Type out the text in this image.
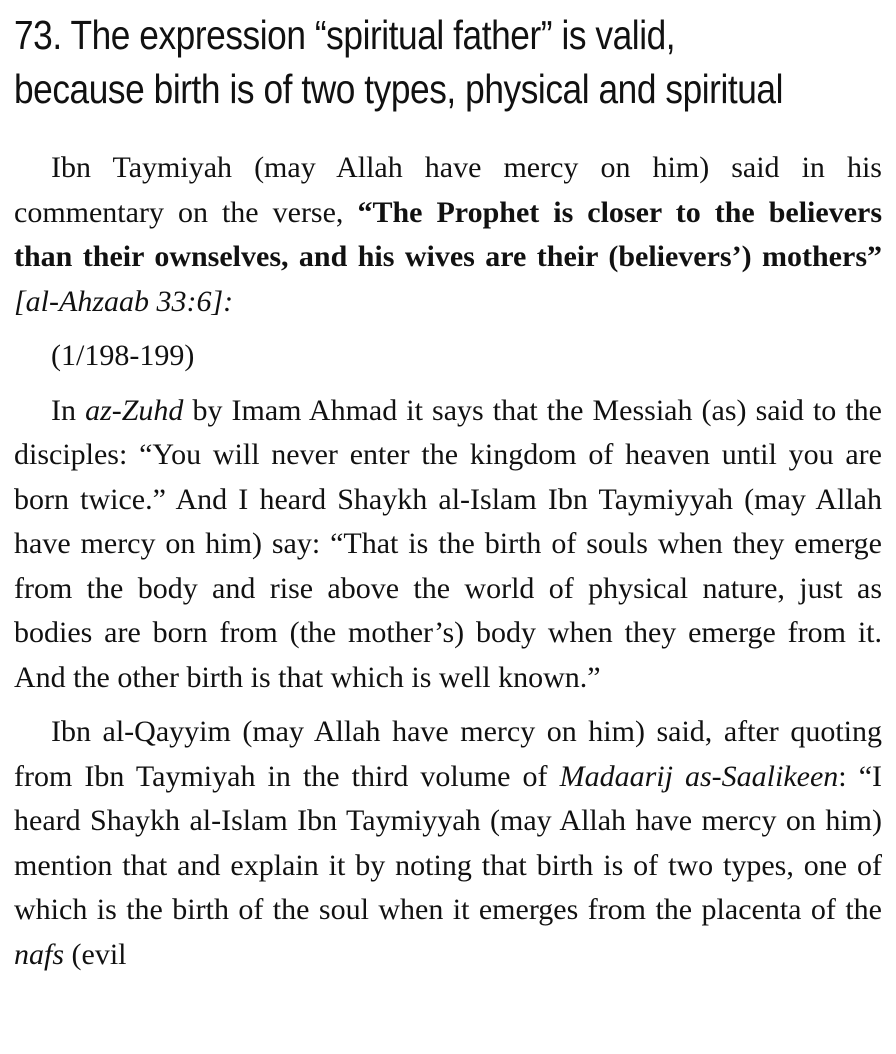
73. The expression “spiritual father” is valid,
because birth is of two types, physical and spiritual

Ibn Taymiyah (may Allah have mercy on him) said in his commentary on the verse, “The Prophet is closer to the believers than their ownselves, and his wives are their (believers’) mothers” [al-Ahzaab 33:6]:

(1/198-199)

In az-Zuhd by Imam Ahmad it says that the Messiah (as) said to the disciples: “You will never enter the kingdom of heaven until you are born twice.” And I heard Shaykh al-Islam Ibn Taymiyyah (may Allah have mercy on him) say: “That is the birth of souls when they emerge from the body and rise above the world of physical nature, just as bodies are born from (the mother’s) body when they emerge from it. And the other birth is that which is well known.”

Ibn al-Qayyim (may Allah have mercy on him) said, after quoting from Ibn Taymiyah in the third volume of Madaarij as-Saalikeen: “I heard Shaykh al-Islam Ibn Taymiyyah (may Allah have mercy on him) mention that and explain it by noting that birth is of two types, one of which is the birth of the soul when it emerges from the placenta of the nafs (evil
